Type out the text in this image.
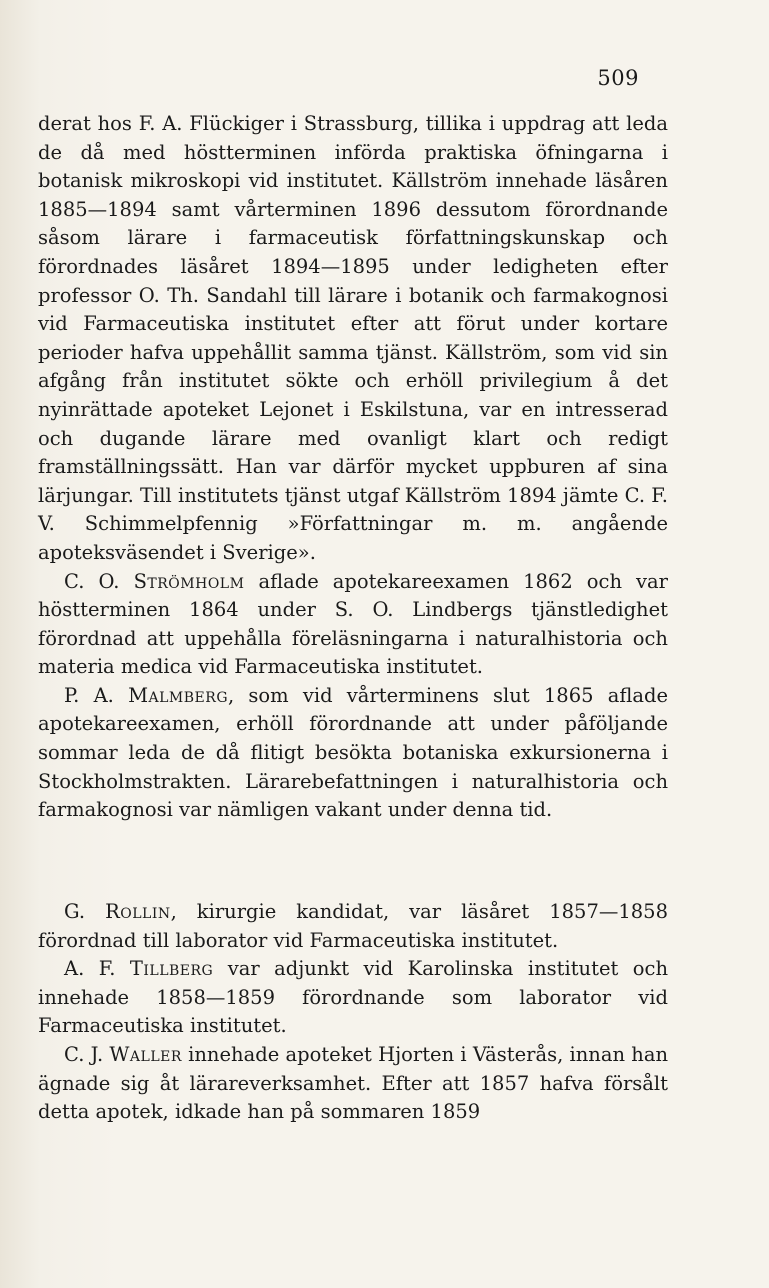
509

derat hos F. A. Flückiger i Strassburg, tillika i uppdrag att leda de då med höstterminen införda praktiska öfningarna i botanisk mikroskopi vid institutet. Källström innehade läsåren 1885—1894 samt vårterminen 1896 dessutom förordnande såsom lärare i farmaceutisk författningskunskap och förordnades läsåret 1894—1895 under ledigheten efter professor O. Th. Sandahl till lärare i botanik och farmakognosi vid Farmaceutiska institutet efter att förut under kortare perioder hafva uppehållit samma tjänst. Källström, som vid sin afgång från institutet sökte och erhöll privilegium å det nyinrättade apoteket Lejonet i Eskilstuna, var en intresserad och dugande lärare med ovanligt klart och redigt framställningssätt. Han var därför mycket uppburen af sina lärjungar. Till institutets tjänst utgaf Källström 1894 jämte C. F. V. Schimmelpfennig »Författningar m. m. angående apoteksväsendet i Sverige».

C. O. Strömholm aflade apotekareexamen 1862 och var höstterminen 1864 under S. O. Lindbergs tjänstledighet förordnad att uppehålla föreläsningarna i naturalhistoria och materia medica vid Farmaceutiska institutet.

P. A. Malmberg, som vid vårterminens slut 1865 aflade apotekareexamen, erhöll förordnande att under påföljande sommar leda de då flitigt besökta botaniska exkursionerna i Stockholmstrakten. Lärarebefattningen i naturalhistoria och farmakognosi var nämligen vakant under denna tid.

G. Rollin, kirurgie kandidat, var läsåret 1857—1858 förordnad till laborator vid Farmaceutiska institutet.

A. F. Tillberg var adjunkt vid Karolinska institutet och innehade 1858—1859 förordnande som laborator vid Farmaceutiska institutet.

C. J. Waller innehade apoteket Hjorten i Västerås, innan han ägnade sig åt lärareverksamhet. Efter att 1857 hafva försålt detta apotek, idkade han på sommaren 1859
